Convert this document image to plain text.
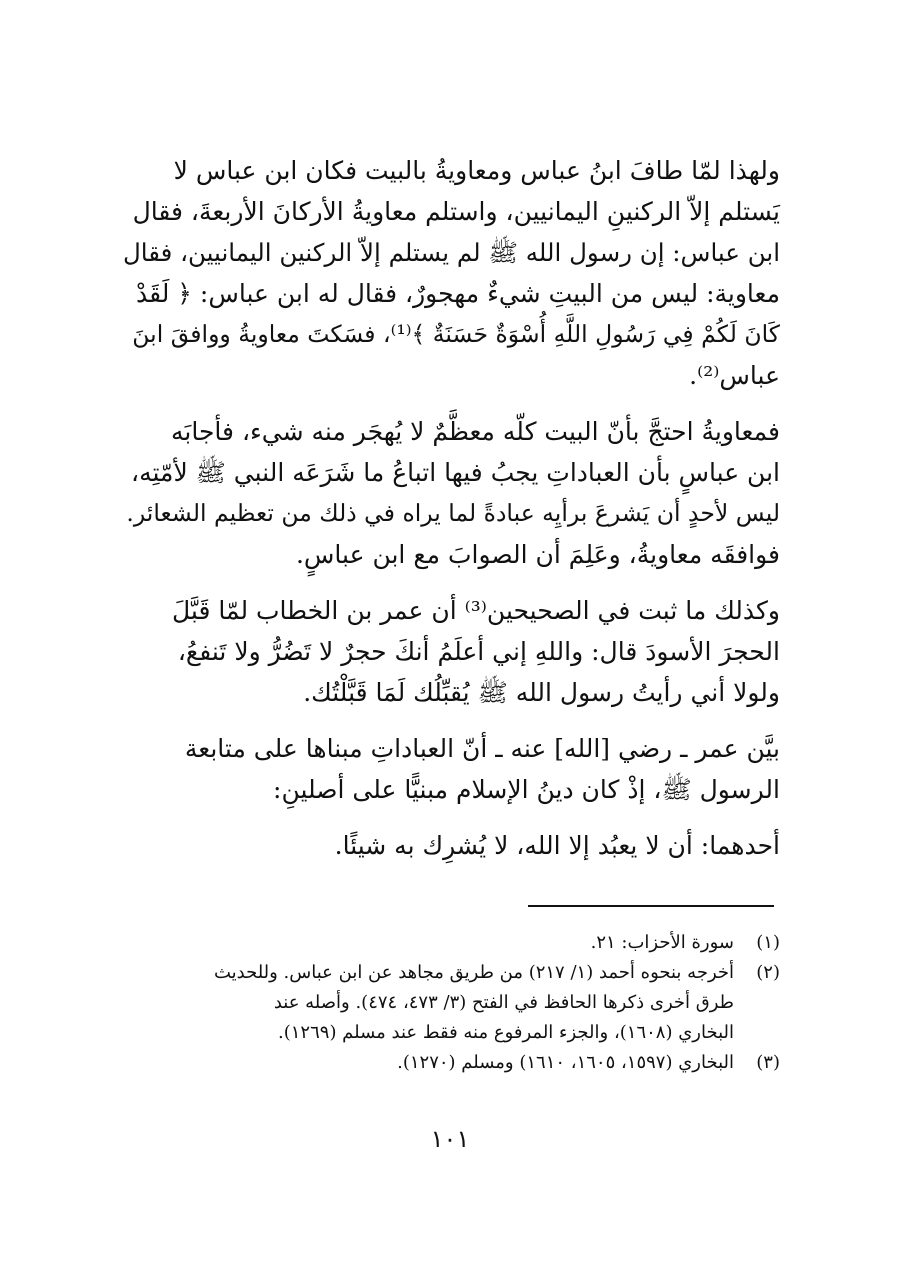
ولهذا لمّا طافَ ابنُ عباس ومعاويةُ بالبيت فكان ابن عباس لا
يَستلم إلاّ الركنينِ اليمانيين، واستلم معاويةُ الأركانَ الأربعةَ، فقال
ابن عباس: إن رسول الله ﷺ لم يستلم إلاّ الركنين اليمانيين، فقال
معاوية: ليس من البيتِ شيءٌ مهجورٌ، فقال له ابن عباس: ﴿ لَقَدْ
كَانَ لَكُمْ فِي رَسُولِ اللَّهِ أُسْوَةٌ حَسَنَةٌ ﴾⁽¹⁾، فسَكتَ معاويةُ ووافقَ ابنَ
عباس⁽²⁾.

فمعاويةُ احتجَّ بأنّ البيت كلّه معظَّمٌ لا يُهجَر منه شيء، فأجابَه
ابن عباسٍ بأن العباداتِ يجبُ فيها اتباعُ ما شَرَعَه النبي ﷺ لأمّتِه،
ليس لأحدٍ أن يَشرعَ برأيِه عبادةً لما يراه في ذلك من تعظيم الشعائر.
فوافقَه معاويةُ، وعَلِمَ أن الصوابَ مع ابن عباسٍ.

وكذلك ما ثبت في الصحيحين⁽³⁾ أن عمر بن الخطاب لمّا قَبَّلَ
الحجرَ الأسودَ قال: واللهِ إني أعلَمُ أنكَ حجرٌ لا تَضُرُّ ولا تَنفعُ،
ولولا أني رأيتُ رسول الله ﷺ يُقبِّلُك لَمَا قَبَّلْتُك.

بيَّن عمر ـ رضي [الله] عنه ـ أنّ العباداتِ مبناها على متابعة
الرسول ﷺ، إذْ كان دينُ الإسلام مبنيًّا على أصلينِ:

أحدهما: أن لا يعبُد إلا الله، لا يُشرِك به شيئًا.

(١)
سورة الأحزاب: ٢١.
(٢)
أخرجه بنحوه أحمد (١/ ٢١٧) من طريق مجاهد عن ابن عباس. وللحديث
طرق أخرى ذكرها الحافظ في الفتح (٣/ ٤٧٣، ٤٧٤). وأصله عند
البخاري (١٦٠٨)، والجزء المرفوع منه فقط عند مسلم (١٢٦٩).
(٣)
البخاري (١٥٩٧، ١٦٠٥، ١٦١٠) ومسلم (١٢٧٠).
١٠١
